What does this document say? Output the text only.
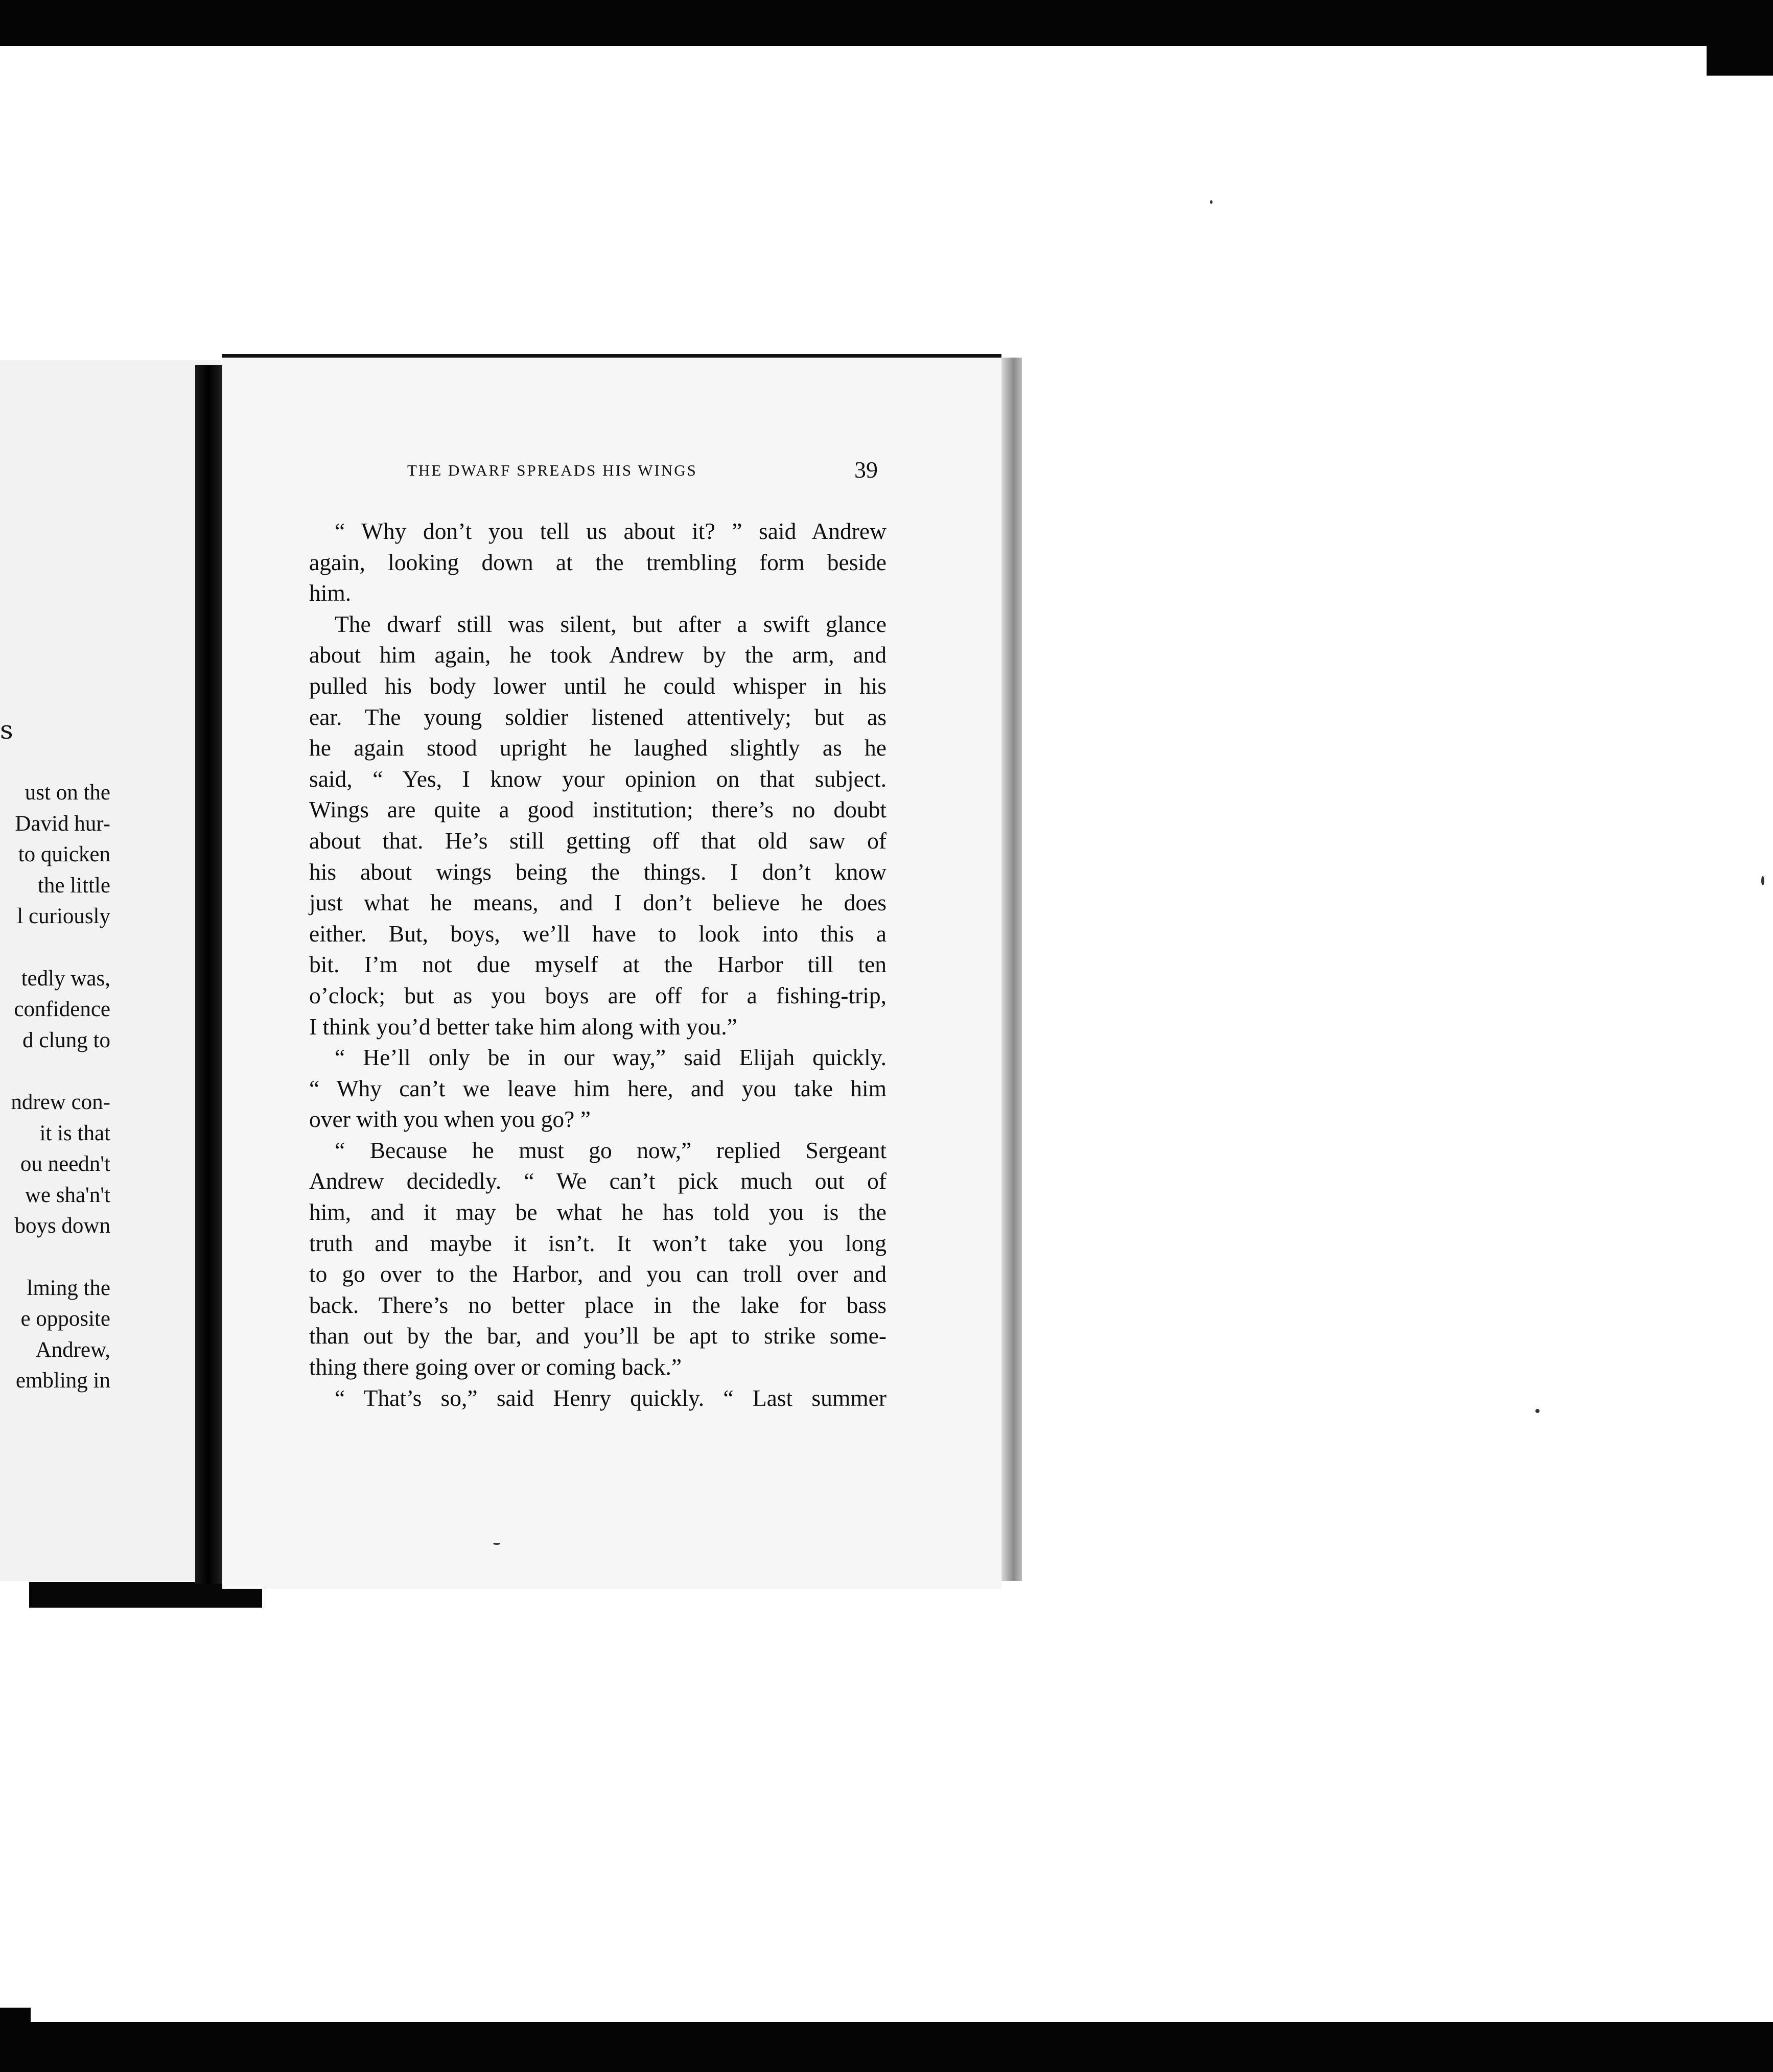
s
ust on the
David hur-
to quicken
the little
l curiously
tedly was,
confidence
d clung to
ndrew con-
it is that
ou needn't
we sha'n't
boys down
lming the
e opposite
Andrew,
embling in
THE DWARF SPREADS HIS WINGS	39
“ Why don’t you tell us about it? ” said Andrew
again, looking down at the trembling form beside
him.
The dwarf still was silent, but after a swift glance
about him again, he took Andrew by the arm, and
pulled his body lower until he could whisper in his
ear. The young soldier listened attentively; but as
he again stood upright he laughed slightly as he
said, “ Yes, I know your opinion on that subject.
Wings are quite a good institution; there’s no doubt
about that. He’s still getting off that old saw of
his about wings being the things. I don’t know
just what he means, and I don’t believe he does
either. But, boys, we’ll have to look into this a
bit. I’m not due myself at the Harbor till ten
o’clock; but as you boys are off for a fishing-trip,
I think you’d better take him along with you.”
“ He’ll only be in our way,” said Elijah quickly.
“ Why can’t we leave him here, and you take him
over with you when you go? ”
“ Because he must go now,” replied Sergeant
Andrew decidedly. “ We can’t pick much out of
him, and it may be what he has told you is the
truth and maybe it isn’t. It won’t take you long
to go over to the Harbor, and you can troll over and
back. There’s no better place in the lake for bass
than out by the bar, and you’ll be apt to strike some-
thing there going over or coming back.”
“ That’s so,” said Henry quickly. “ Last summer
